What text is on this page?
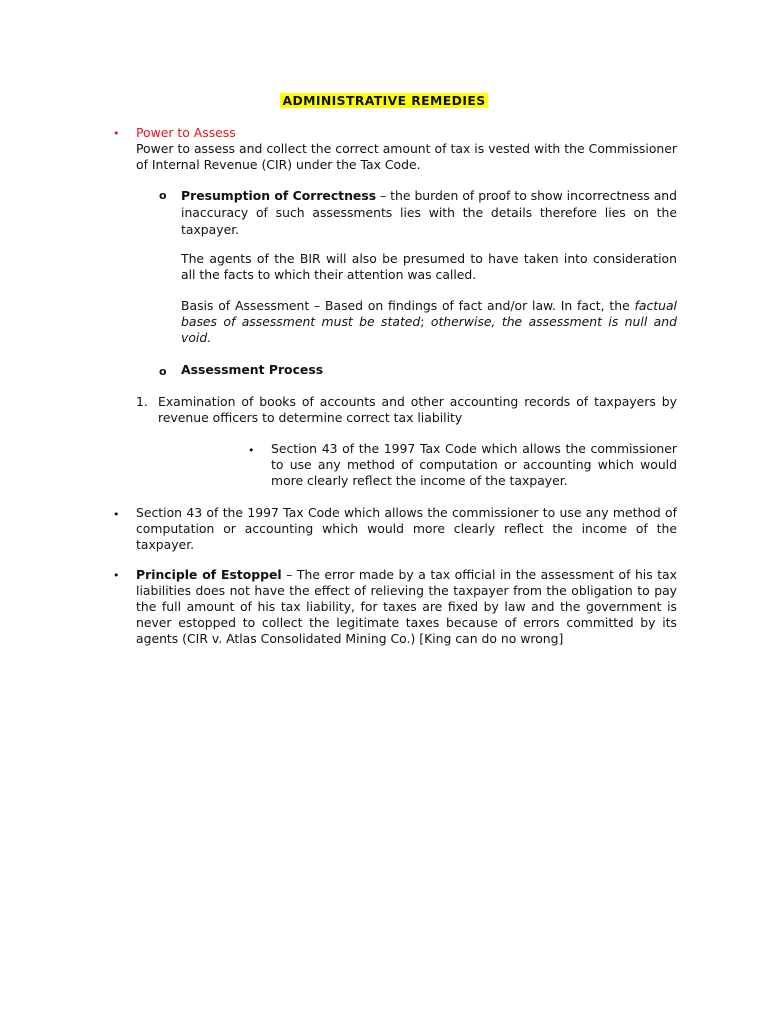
ADMINISTRATIVE REMEDIES
• Power to Assess

Power to assess and collect the correct amount of tax is vested with the Commissioner of Internal Revenue (CIR) under the Tax Code.

o Presumption of Correctness – the burden of proof to show incorrectness and inaccuracy of such assessments lies with the details therefore lies on the taxpayer.

The agents of the BIR will also be presumed to have taken into consideration all the facts to which their attention was called.

Basis of Assessment – Based on findings of fact and/or law. In fact, the factual bases of assessment must be stated; otherwise, the assessment is null and void.

o Assessment Process

1. Examination of books of accounts and other accounting records of taxpayers by revenue officers to determine correct tax liability

• Section 43 of the 1997 Tax Code which allows the commissioner to use any method of computation or accounting which would more clearly reflect the income of the taxpayer.

• Section 43 of the 1997 Tax Code which allows the commissioner to use any method of computation or accounting which would more clearly reflect the income of the taxpayer.

• Principle of Estoppel – The error made by a tax official in the assessment of his tax liabilities does not have the effect of relieving the taxpayer from the obligation to pay the full amount of his tax liability, for taxes are fixed by law and the government is never estopped to collect the legitimate taxes because of errors committed by its agents (CIR v. Atlas Consolidated Mining Co.) [King can do no wrong]
